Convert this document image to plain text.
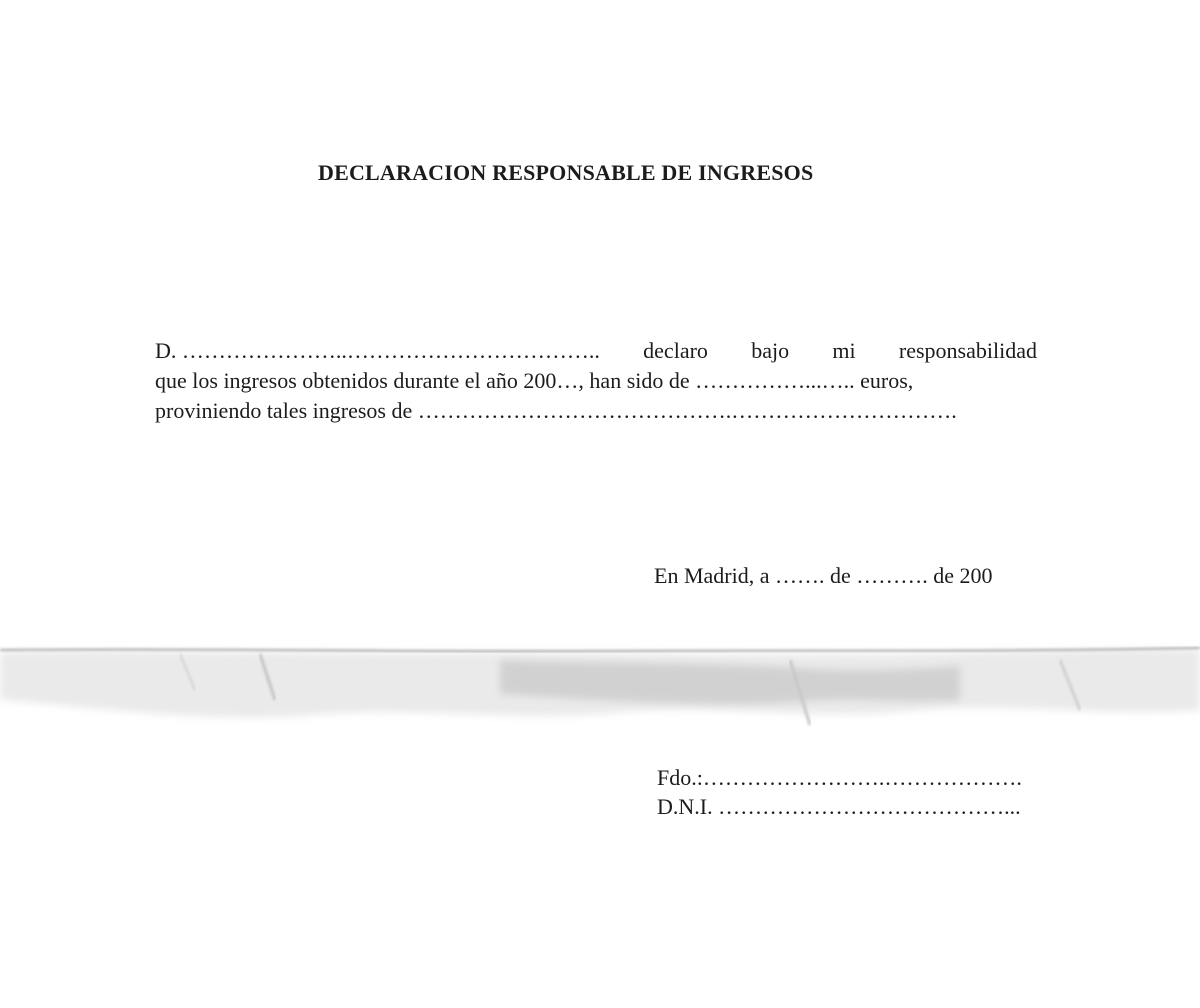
DECLARACION RESPONSABLE DE INGRESOS
D. …………………..…………………………….. declaro bajo mi responsabilidad
que los ingresos obtenidos durante el año 200…, han sido de ……………...….. euros,
proviniendo tales ingresos de …………………………………….………………………….
En Madrid, a ……. de ………. de 200
Fdo.:…………………….……………….
D.N.I. …………………………………...
